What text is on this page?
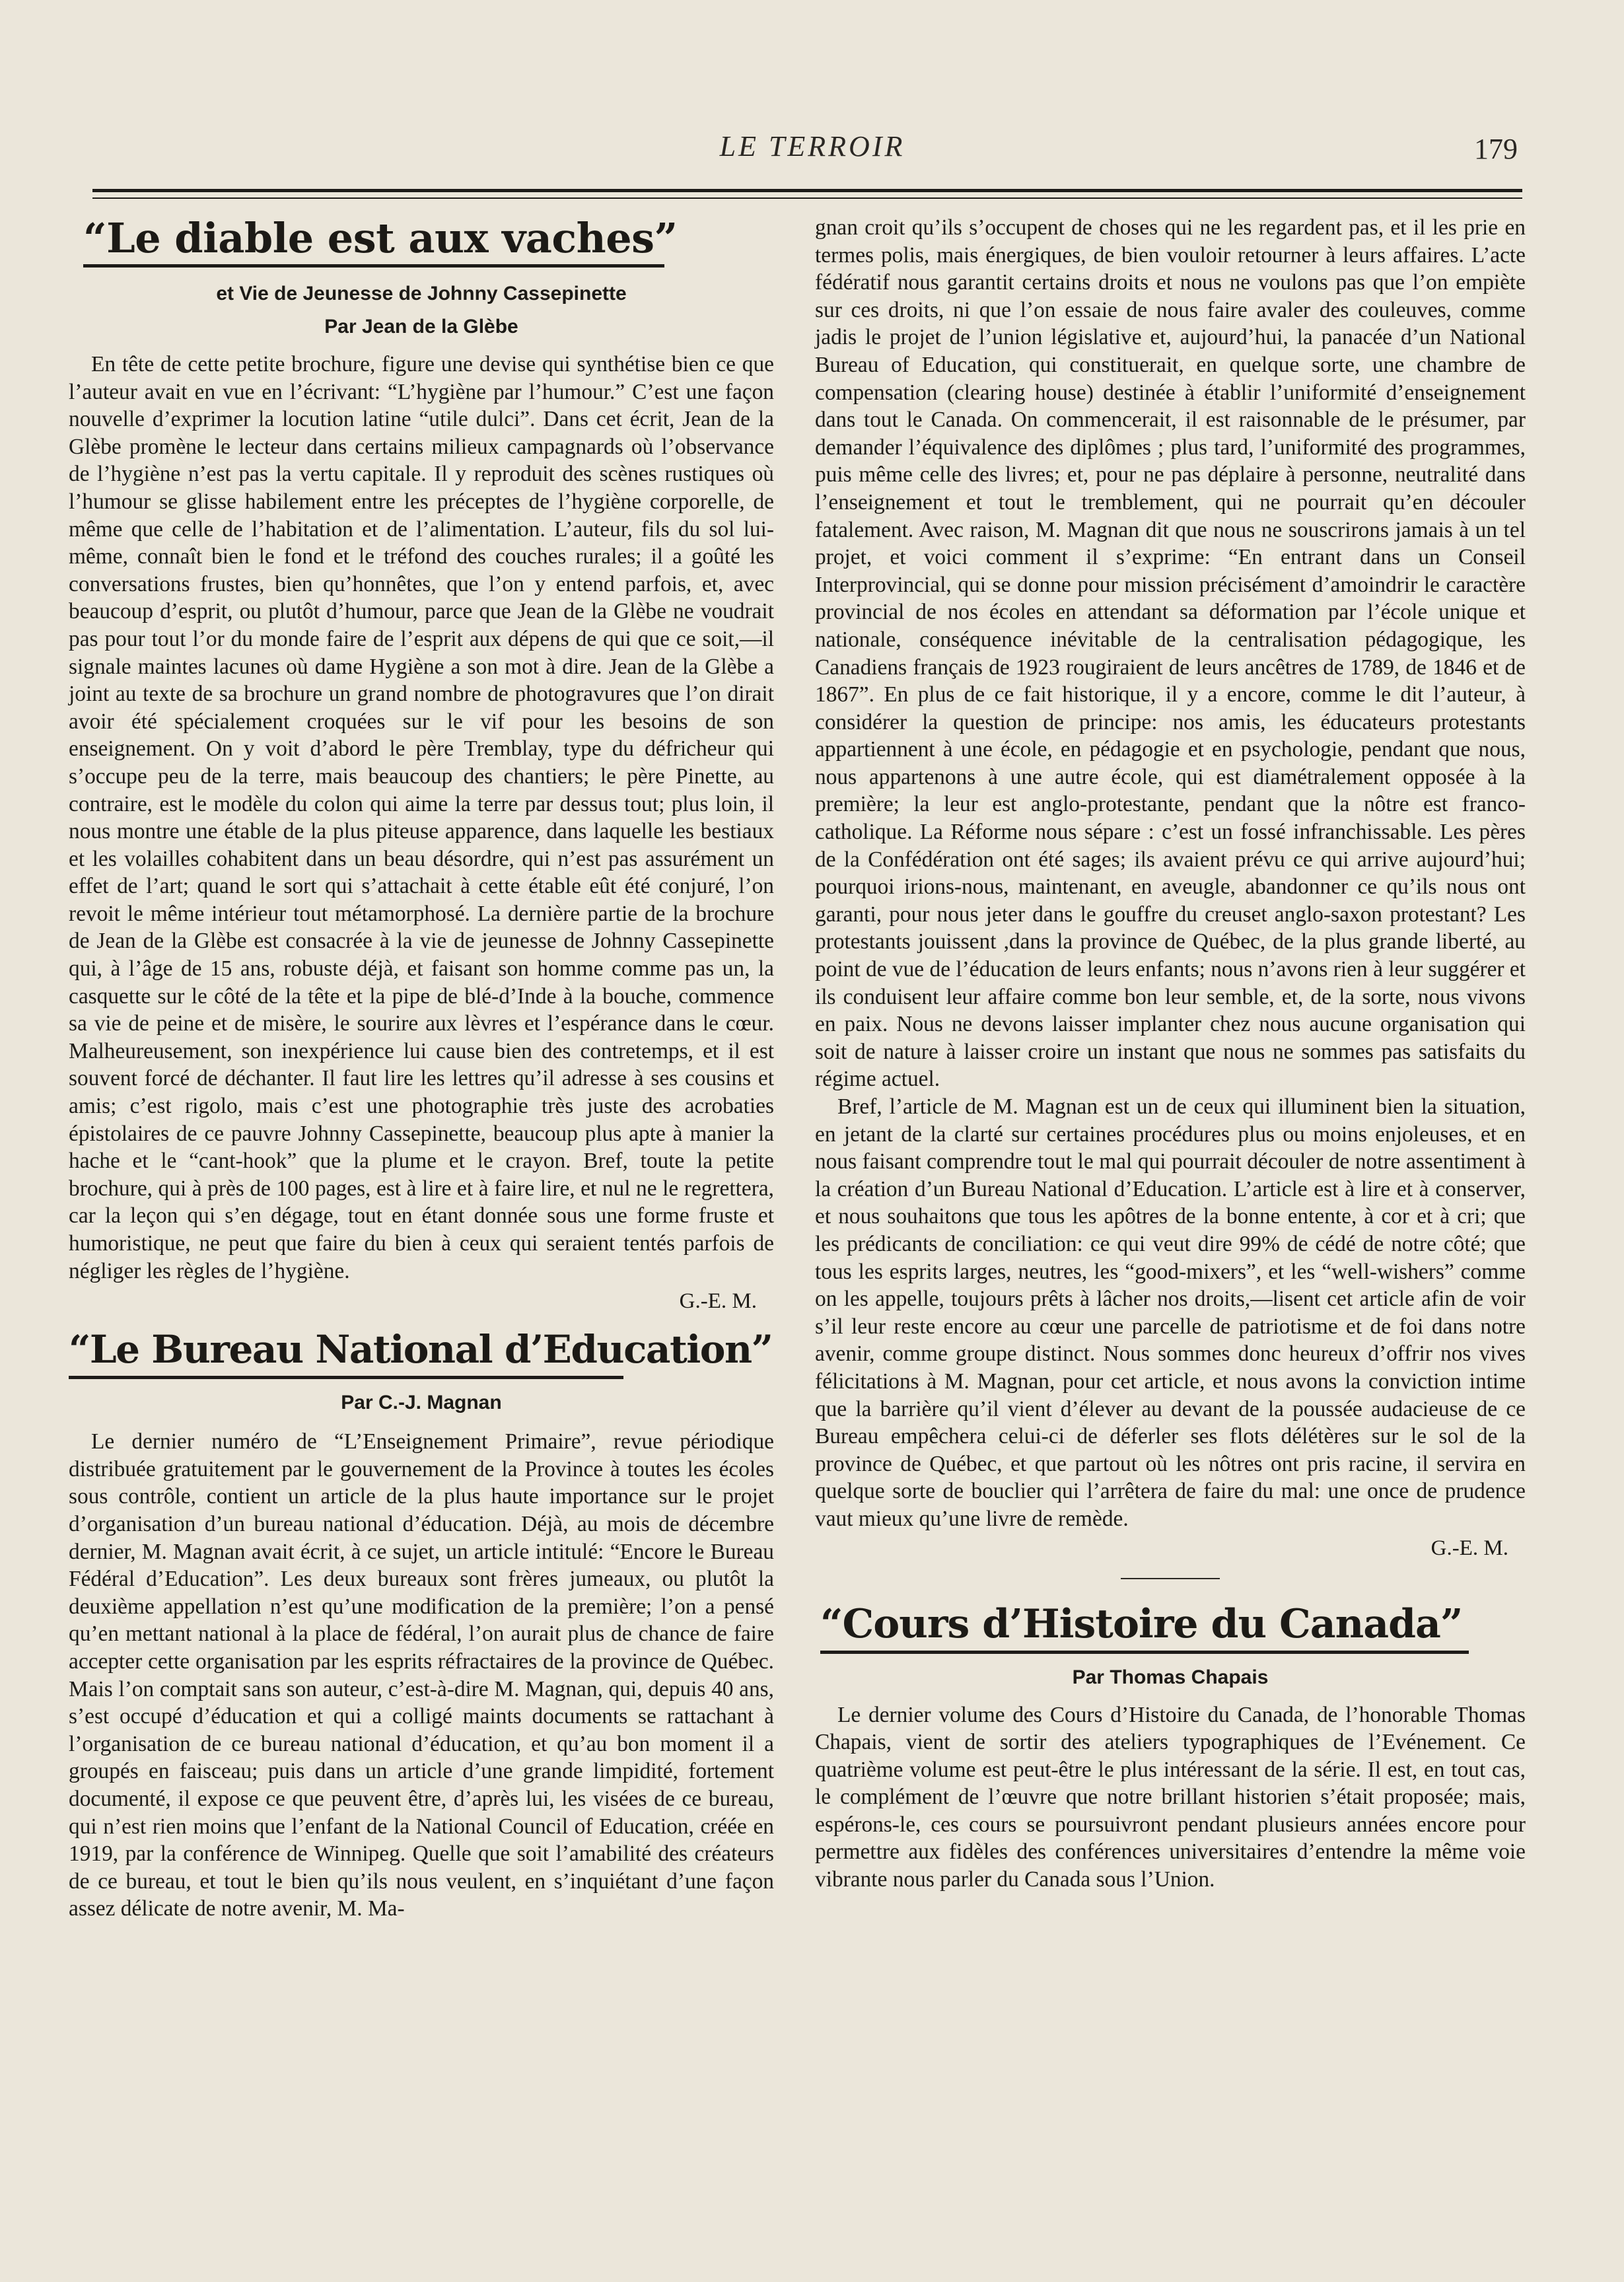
LE TERROIR	179
“Le diable est aux vaches”
et Vie de Jeunesse de Johnny Cassepinette
Par Jean de la Glèbe

En tête de cette petite brochure, figure une devise qui synthétise bien ce que l’auteur avait en vue en l’écrivant: “L’hygiène par l’humour.” C’est une façon nouvelle d’exprimer la locution latine “utile dulci”. Dans cet écrit, Jean de la Glèbe promène le lecteur dans certains milieux campagnards où l’observance de l’hygiène n’est pas la vertu capitale. Il y reproduit des scènes rustiques où l’humour se glisse habilement entre les préceptes de l’hygiène corporelle, de même que celle de l’habitation et de l’alimentation. L’auteur, fils du sol lui-même, connaît bien le fond et le tréfond des couches rurales; il a goûté les conversations frustes, bien qu’honnêtes, que l’on y entend parfois, et, avec beaucoup d’esprit, ou plutôt d’humour, parce que Jean de la Glèbe ne voudrait pas pour tout l’or du monde faire de l’esprit aux dépens de qui que ce soit,—il signale maintes lacunes où dame Hygiène a son mot à dire. Jean de la Glèbe a joint au texte de sa brochure un grand nombre de photogravures que l’on dirait avoir été spécialement croquées sur le vif pour les besoins de son enseignement. On y voit d’abord le père Tremblay, type du défricheur qui s’occupe peu de la terre, mais beaucoup des chantiers; le père Pinette, au contraire, est le modèle du colon qui aime la terre par dessus tout; plus loin, il nous montre une étable de la plus piteuse apparence, dans laquelle les bestiaux et les volailles cohabitent dans un beau désordre, qui n’est pas assurément un effet de l’art; quand le sort qui s’attachait à cette étable eût été conjuré, l’on revoit le même intérieur tout métamorphosé. La dernière partie de la brochure de Jean de la Glèbe est consacrée à la vie de jeunesse de Johnny Cassepinette qui, à l’âge de 15 ans, robuste déjà, et faisant son homme comme pas un, la casquette sur le côté de la tête et la pipe de blé-d’Inde à la bouche, commence sa vie de peine et de misère, le sourire aux lèvres et l’espérance dans le cœur. Malheureusement, son inexpérience lui cause bien des contretemps, et il est souvent forcé de déchanter. Il faut lire les lettres qu’il adresse à ses cousins et amis; c’est rigolo, mais c’est une photographie très juste des acrobaties épistolaires de ce pauvre Johnny Cassepinette, beaucoup plus apte à manier la hache et le “cant-hook” que la plume et le crayon. Bref, toute la petite brochure, qui à près de 100 pages, est à lire et à faire lire, et nul ne le regrettera, car la leçon qui s’en dégage, tout en étant donnée sous une forme fruste et humoristique, ne peut que faire du bien à ceux qui seraient tentés parfois de négliger les règles de l’hygiène.

G.-E. M.
“Le Bureau National d’Education”
Par C.-J. Magnan

Le dernier numéro de “L’Enseignement Primaire”, revue périodique distribuée gratuitement par le gouvernement de la Province à toutes les écoles sous contrôle, contient un article de la plus haute importance sur le projet d’organisation d’un bureau national d’éducation. Déjà, au mois de décembre dernier, M. Magnan avait écrit, à ce sujet, un article intitulé: “Encore le Bureau Fédéral d’Education”. Les deux bureaux sont frères jumeaux, ou plutôt la deuxième appellation n’est qu’une modification de la première; l’on a pensé qu’en mettant national à la place de fédéral, l’on aurait plus de chance de faire accepter cette organisation par les esprits réfractaires de la province de Québec. Mais l’on comptait sans son auteur, c’est-à-dire M. Magnan, qui, depuis 40 ans, s’est occupé d’éducation et qui a colligé maints documents se rattachant à l’organisation de ce bureau national d’éducation, et qu’au bon moment il a groupés en faisceau; puis dans un article d’une grande limpidité, fortement documenté, il expose ce que peuvent être, d’après lui, les visées de ce bureau, qui n’est rien moins que l’enfant de la National Council of Education, créée en 1919, par la conférence de Winnipeg. Quelle que soit l’amabilité des créateurs de ce bureau, et tout le bien qu’ils nous veulent, en s’inquiétant d’une façon assez délicate de notre avenir, M. Ma-

gnan croit qu’ils s’occupent de choses qui ne les regardent pas, et il les prie en termes polis, mais énergiques, de bien vouloir retourner à leurs affaires. L’acte fédératif nous garantit certains droits et nous ne voulons pas que l’on empiète sur ces droits, ni que l’on essaie de nous faire avaler des couleuves, comme jadis le projet de l’union législative et, aujourd’hui, la panacée d’un National Bureau of Education, qui constituerait, en quelque sorte, une chambre de compensation (clearing house) destinée à établir l’uniformité d’enseignement dans tout le Canada. On commencerait, il est raisonnable de le présumer, par demander l’équivalence des diplômes ; plus tard, l’uniformité des programmes, puis même celle des livres; et, pour ne pas déplaire à personne, neutralité dans l’enseignement et tout le tremblement, qui ne pourrait qu’en découler fatalement. Avec raison, M. Magnan dit que nous ne souscrirons jamais à un tel projet, et voici comment il s’exprime: “En entrant dans un Conseil Interprovincial, qui se donne pour mission précisément d’amoindrir le caractère provincial de nos écoles en attendant sa déformation par l’école unique et nationale, conséquence inévitable de la centralisation pédagogique, les Canadiens français de 1923 rougiraient de leurs ancêtres de 1789, de 1846 et de 1867”. En plus de ce fait historique, il y a encore, comme le dit l’auteur, à considérer la question de principe: nos amis, les éducateurs protestants appartiennent à une école, en pédagogie et en psychologie, pendant que nous, nous appartenons à une autre école, qui est diamétralement opposée à la première; la leur est anglo-protestante, pendant que la nôtre est franco-catholique. La Réforme nous sépare : c’est un fossé infranchissable. Les pères de la Confédération ont été sages; ils avaient prévu ce qui arrive aujourd’hui; pourquoi irions-nous, maintenant, en aveugle, abandonner ce qu’ils nous ont garanti, pour nous jeter dans le gouffre du creuset anglo-saxon protestant? Les protestants jouissent ,dans la province de Québec, de la plus grande liberté, au point de vue de l’éducation de leurs enfants; nous n’avons rien à leur suggérer et ils conduisent leur affaire comme bon leur semble, et, de la sorte, nous vivons en paix. Nous ne devons laisser implanter chez nous aucune organisation qui soit de nature à laisser croire un instant que nous ne sommes pas satisfaits du régime actuel.

Bref, l’article de M. Magnan est un de ceux qui illuminent bien la situation, en jetant de la clarté sur certaines procédures plus ou moins enjoleuses, et en nous faisant comprendre tout le mal qui pourrait découler de notre assentiment à la création d’un Bureau National d’Education. L’article est à lire et à conserver, et nous souhaitons que tous les apôtres de la bonne entente, à cor et à cri; que les prédicants de conciliation: ce qui veut dire 99% de cédé de notre côté; que tous les esprits larges, neutres, les “good-mixers”, et les “well-wishers” comme on les appelle, toujours prêts à lâcher nos droits,—lisent cet article afin de voir s’il leur reste encore au cœur une parcelle de patriotisme et de foi dans notre avenir, comme groupe distinct. Nous sommes donc heureux d’offrir nos vives félicitations à M. Magnan, pour cet article, et nous avons la conviction intime que la barrière qu’il vient d’élever au devant de la poussée audacieuse de ce Bureau empêchera celui-ci de déferler ses flots délétères sur le sol de la province de Québec, et que partout où les nôtres ont pris racine, il servira en quelque sorte de bouclier qui l’arrêtera de faire du mal: une once de prudence vaut mieux qu’une livre de remède.

G.-E. M.
“Cours d’Histoire du Canada”
Par Thomas Chapais

Le dernier volume des Cours d’Histoire du Canada, de l’honorable Thomas Chapais, vient de sortir des ateliers typographiques de l’Evénement. Ce quatrième volume est peut-être le plus intéressant de la série. Il est, en tout cas, le complément de l’œuvre que notre brillant historien s’était proposée; mais, espérons-le, ces cours se poursuivront pendant plusieurs années encore pour permettre aux fidèles des conférences universitaires d’entendre la même voie vibrante nous parler du Canada sous l’Union.
